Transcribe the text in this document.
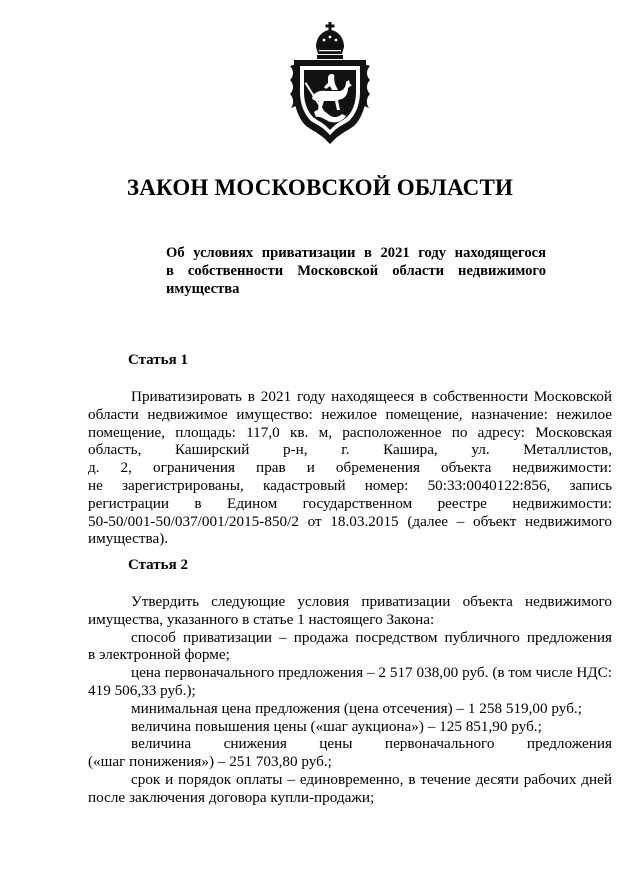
ЗАКОН МОСКОВСКОЙ ОБЛАСТИ
Об условиях приватизации в 2021 году находящегося
в собственности Московской области недвижимого
имущества
Статья 1
Приватизировать в 2021 году находящееся в собственности Московской
области недвижимое имущество: нежилое помещение, назначение: нежилое
помещение, площадь: 117,0 кв. м, расположенное по адресу: Московская
область, Каширский р-н, г. Кашира, ул. Металлистов,
д. 2, ограничения прав и обременения объекта недвижимости:
не зарегистрированы, кадастровый номер: 50:33:0040122:856, запись
регистрации в Едином государственном реестре недвижимости:
50-50/001-50/037/001/2015-850/2 от 18.03.2015 (далее – объект недвижимого
имущества).
Статья 2
Утвердить следующие условия приватизации объекта недвижимого
имущества, указанного в статье 1 настоящего Закона:
способ приватизации – продажа посредством публичного предложения
в электронной форме;
цена первоначального предложения – 2 517 038,00 руб. (в том числе НДС:
419 506,33 руб.);
минимальная цена предложения (цена отсечения) – 1 258 519,00 руб.;
величина повышения цены («шаг аукциона») – 125 851,90 руб.;
величина снижения цены первоначального предложения
(«шаг понижения») – 251 703,80 руб.;
срок и порядок оплаты – единовременно, в течение десяти рабочих дней
после заключения договора купли-продажи;
